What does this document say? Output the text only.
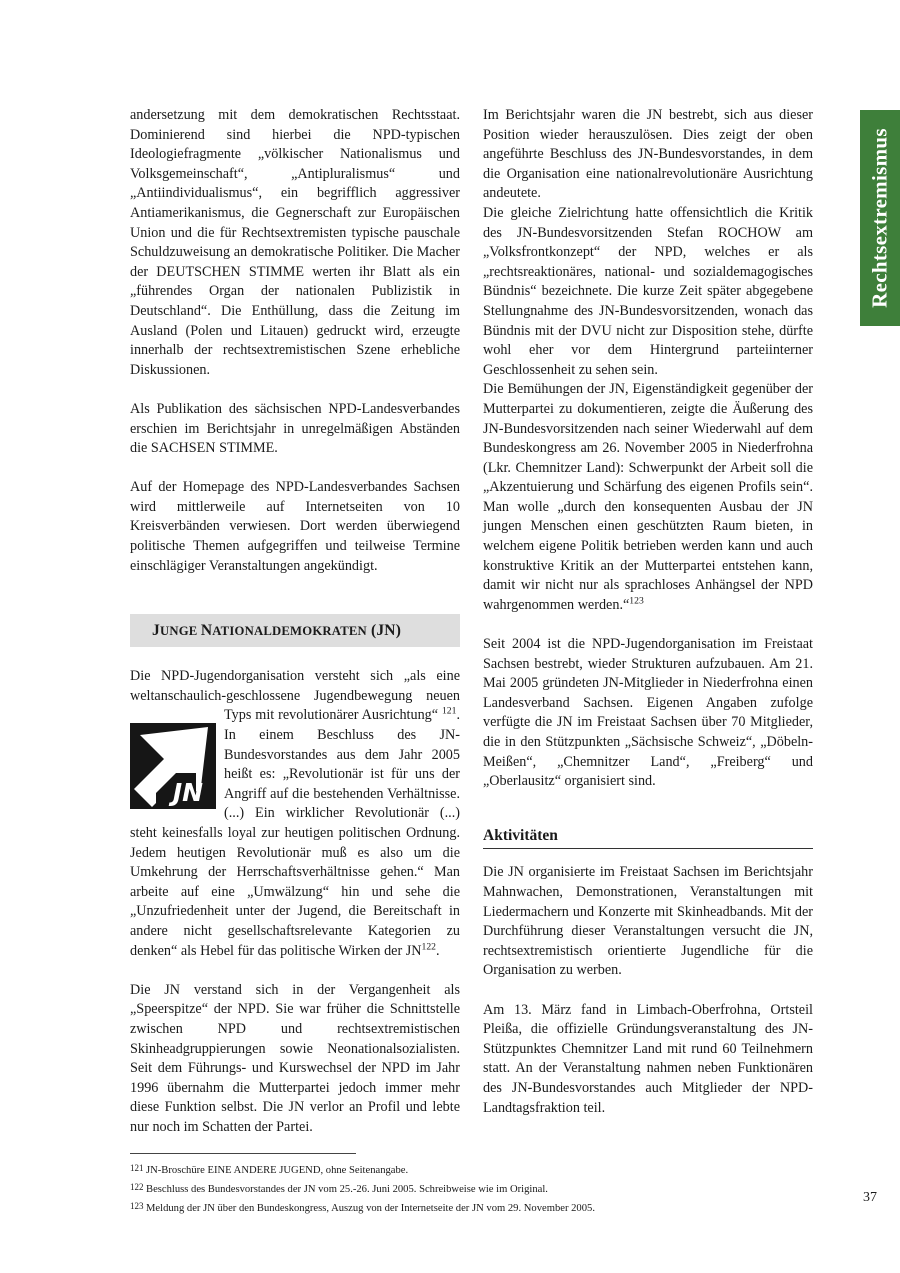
Rechtsextremismus

andersetzung mit dem demokratischen Rechtsstaat. Dominierend sind hierbei die NPD-typischen Ideologiefragmente „völkischer Nationalismus und Volksgemeinschaft“, „Antipluralismus“ und „Antiindividualismus“, ein begrifflich aggressiver Antiamerikanismus, die Gegnerschaft zur Europäischen Union und die für Rechtsextremisten typische pauschale Schuldzuweisung an demokratische Politiker. Die Macher der DEUTSCHEN STIMME werten ihr Blatt als ein „führendes Organ der nationalen Publizistik in Deutschland“. Die Enthüllung, dass die Zeitung im Ausland (Polen und Litauen) gedruckt wird, erzeugte innerhalb der rechtsextremistischen Szene erhebliche Diskussionen.

Als Publikation des sächsischen NPD-Landesverbandes erschien im Berichtsjahr in unregelmäßigen Abständen die SACHSEN STIMME.

Auf der Homepage des NPD-Landesverbandes Sachsen wird mittlerweile auf Internetseiten von 10 Kreisverbänden verwiesen. Dort werden überwiegend politische Themen aufgegriffen und teilweise Termine einschlägiger Veranstaltungen angekündigt.

JUNGE NATIONALDEMOKRATEN (JN)

Die NPD-Jugendorganisation versteht sich „als eine weltanschaulich-geschlossene Jugendbewegung neuen Typs mit revolutionärer Ausrichtung“ $^{121}$
JN
. In einem Beschluss des JN-Bundesvorstandes aus dem Jahr 2005 heißt es: „Revolutionär ist für uns der Angriff auf die bestehenden Verhältnisse. (...) Ein wirklicher Revolutionär (...) steht keinesfalls loyal zur heutigen politischen Ordnung. Jedem heutigen Revolutionär muß es also um die Umkehrung der Herrschaftsverhältnisse gehen.“ Man arbeite auf eine „Umwälzung“ hin und sehe die „Unzufriedenheit unter der Jugend, die Bereitschaft in andere nicht gesellschaftsrelevante Kategorien zu denken“ als Hebel für das politische Wirken der JN$^{122}$.

Die JN verstand sich in der Vergangenheit als „Speerspitze“ der NPD. Sie war früher die Schnittstelle zwischen NPD und rechtsextremistischen Skinheadgruppierungen sowie Neonationalsozialisten. Seit dem Führungs- und Kurswechsel der NPD im Jahr 1996 übernahm die Mutterpartei jedoch immer mehr diese Funktion selbst. Die JN verlor an Profil und lebte nur noch im Schatten der Partei.

Im Berichtsjahr waren die JN bestrebt, sich aus dieser Position wieder herauszulösen. Dies zeigt der oben angeführte Beschluss des JN-Bundesvorstandes, in dem die Organisation eine nationalrevolutionäre Ausrichtung andeutete.

Die gleiche Zielrichtung hatte offensichtlich die Kritik des JN-Bundesvorsitzenden Stefan ROCHOW am „Volksfrontkonzept“ der NPD, welches er als „rechtsreaktionäres, national- und sozialdemagogisches Bündnis“ bezeichnete. Die kurze Zeit später abgegebene Stellungnahme des JN-Bundesvorsitzenden, wonach das Bündnis mit der DVU nicht zur Disposition stehe, dürfte wohl eher vor dem Hintergrund parteiinterner Geschlossenheit zu sehen sein.

Die Bemühungen der JN, Eigenständigkeit gegenüber der Mutterpartei zu dokumentieren, zeigte die Äußerung des JN-Bundesvorsitzenden nach seiner Wiederwahl auf dem Bundeskongress am 26. November 2005 in Niederfrohna (Lkr. Chemnitzer Land): Schwerpunkt der Arbeit soll die „Akzentuierung und Schärfung des eigenen Profils sein“. Man wolle „durch den konsequenten Ausbau der JN jungen Menschen einen geschützten Raum bieten, in welchem eigene Politik betrieben werden kann und auch konstruktive Kritik an der Mutterpartei entstehen kann, damit wir nicht nur als sprachloses Anhängsel der NPD wahrgenommen werden.“$^{123}$

Seit 2004 ist die NPD-Jugendorganisation im Freistaat Sachsen bestrebt, wieder Strukturen aufzubauen. Am 21. Mai 2005 gründeten JN-Mitglieder in Niederfrohna einen Landesverband Sachsen. Eigenen Angaben zufolge verfügte die JN im Freistaat Sachsen über 70 Mitglieder, die in den Stützpunkten „Sächsische Schweiz“, „Döbeln-Meißen“, „Chemnitzer Land“, „Freiberg“ und „Oberlausitz“ organisiert sind.

Aktivitäten

Die JN organisierte im Freistaat Sachsen im Berichtsjahr Mahnwachen, Demonstrationen, Veranstaltungen mit Liedermachern und Konzerte mit Skinheadbands. Mit der Durchführung dieser Veranstaltungen versucht die JN, rechtsextremistisch orientierte Jugendliche für die Organisation zu werben.

Am 13. März fand in Limbach-Oberfrohna, Ortsteil Pleißa, die offizielle Gründungsveranstaltung des JN-Stützpunktes Chemnitzer Land mit rund 60 Teilnehmern statt. An der Veranstaltung nahmen neben Funktionären des JN-Bundesvorstandes auch Mitglieder der NPD-Landtagsfraktion teil.

121 JN-Broschüre EINE ANDERE JUGEND, ohne Seitenangabe.
122 Beschluss des Bundesvorstandes der JN vom 25.-26. Juni 2005. Schreibweise wie im Original.
123 Meldung der JN über den Bundeskongress, Auszug von der Internetseite der JN vom 29. November 2005.
37
